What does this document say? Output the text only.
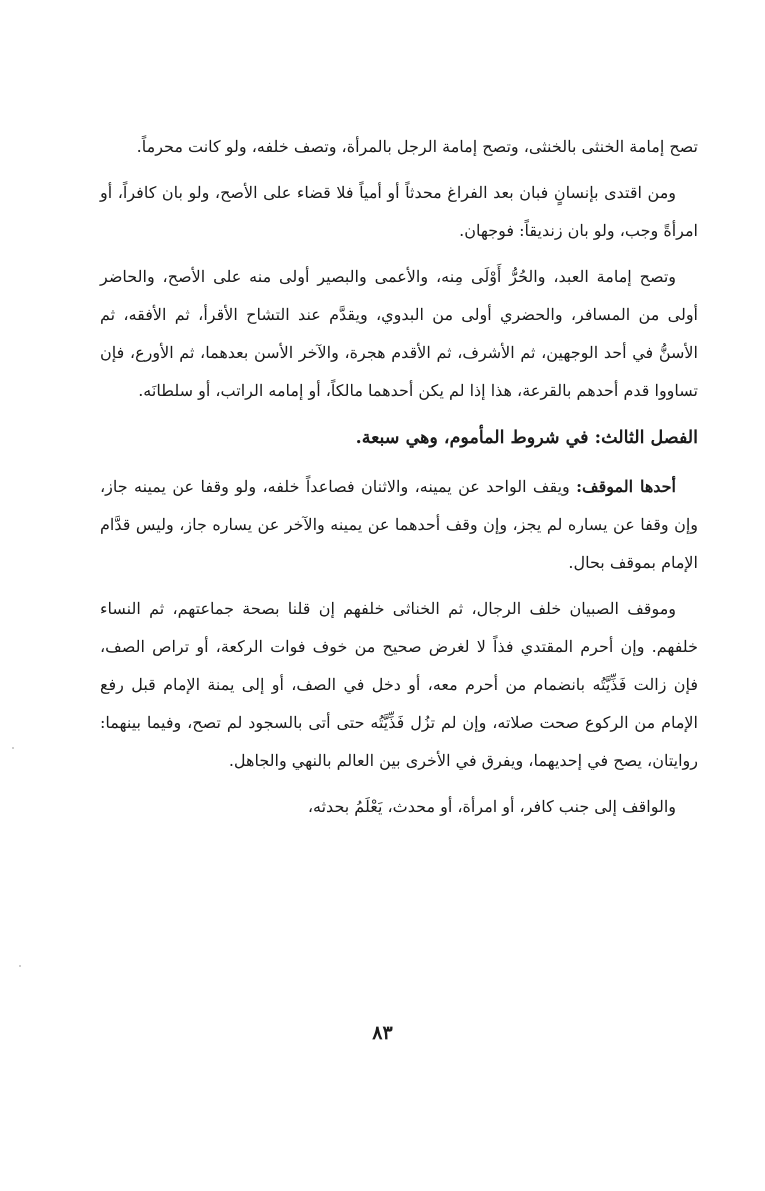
تصح إمامة الخنثى بالخنثى، وتصح إمامة الرجل بالمرأة، وتصف خلفه، ولو كانت محرماً.

ومن اقتدى بإنسانٍ فبان بعد الفراغ محدثاً أو أمياً فلا قضاء على الأصح، ولو بان كافراً، أو امرأةً وجب، ولو بان زنديقاً: فوجهان.

وتصح إمامة العبد، والحُرُّ أَوْلَى مِنه، والأعمى والبصير أولى منه على الأصح، والحاضر أولى من المسافر، والحضري أولى من البدوي، ويقدَّم عند التشاح الأقرأ، ثم الأفقه، ثم الأسنُّ في أحد الوجهين، ثم الأشرف، ثم الأقدم هجرة، والآخر الأسن بعدهما، ثم الأورع، فإن تساووا قدم أحدهم بالقرعة، هذا إذا لم يكن أحدهما مالكاً، أو إمامه الراتب، أو سلطانَه.

الفصل الثالث: في شروط المأموم، وهي سبعة.

أحدها الموقف: ويقف الواحد عن يمينه، والاثنان فصاعداً خلفه، ولو وقفا عن يمينه جاز، وإن وقفا عن يساره لم يجز، وإن وقف أحدهما عن يمينه والآخر عن يساره جاز، وليس قدَّام الإمام بموقف بحال.

وموقف الصبيان خلف الرجال، ثم الخناثى خلفهم إن قلنا بصحة جماعتهم، ثم النساء خلفهم. وإن أحرم المقتدي فذاً لا لغرض صحيح من خوف فوات الركعة، أو تراص الصف، فإن زالت فَذِّيَّتُه بانضمام من أحرم معه، أو دخل في الصف، أو إلى يمنة الإمام قبل رفع الإمام من الركوع صحت صلاته، وإن لم تزُل فَذِّيَّتُه حتى أتى بالسجود لم تصح، وفيما بينهما: روايتان، يصح في إحديهما، ويفرق في الأخرى بين العالم بالنهي والجاهل.

والواقف إلى جنب كافر، أو امرأة، أو محدث، يَعْلَمُ بحدثه،

٨٣
